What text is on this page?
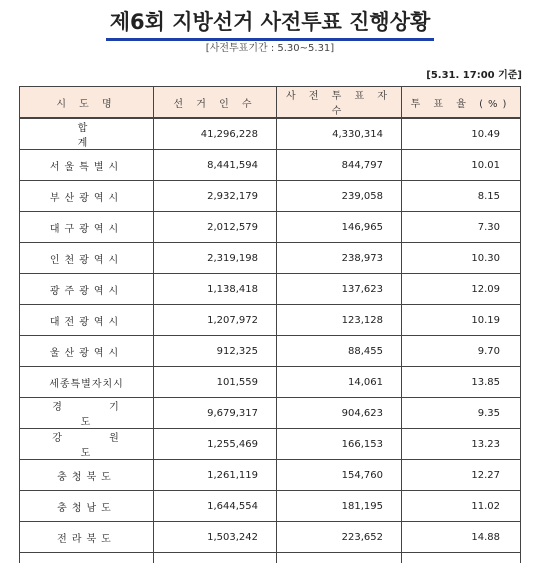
제6회 지방선거 사전투표 진행상황
[사전투표기간 : 5.30~5.31]
[5.31. 17:00 기준]
시 도 명	선 거 인 수	사 전 투 표 자 수	투 표 율 (%)
합 계	41,296,228	4,330,314	10.49
서울특별시	8,441,594	844,797	10.01
부산광역시	2,932,179	239,058	8.15
대구광역시	2,012,579	146,965	7.30
인천광역시	2,319,198	238,973	10.30
광주광역시	1,138,418	137,623	12.09
대전광역시	1,207,972	123,128	10.19
울산광역시	912,325	88,455	9.70
세종특별자치시	101,559	14,061	13.85
경 기 도	9,679,317	904,623	9.35
강 원 도	1,255,469	166,153	13.23
충청북도	1,261,119	154,760	12.27
충청남도	1,644,554	181,195	11.02
전라북도	1,503,242	223,652	14.88
